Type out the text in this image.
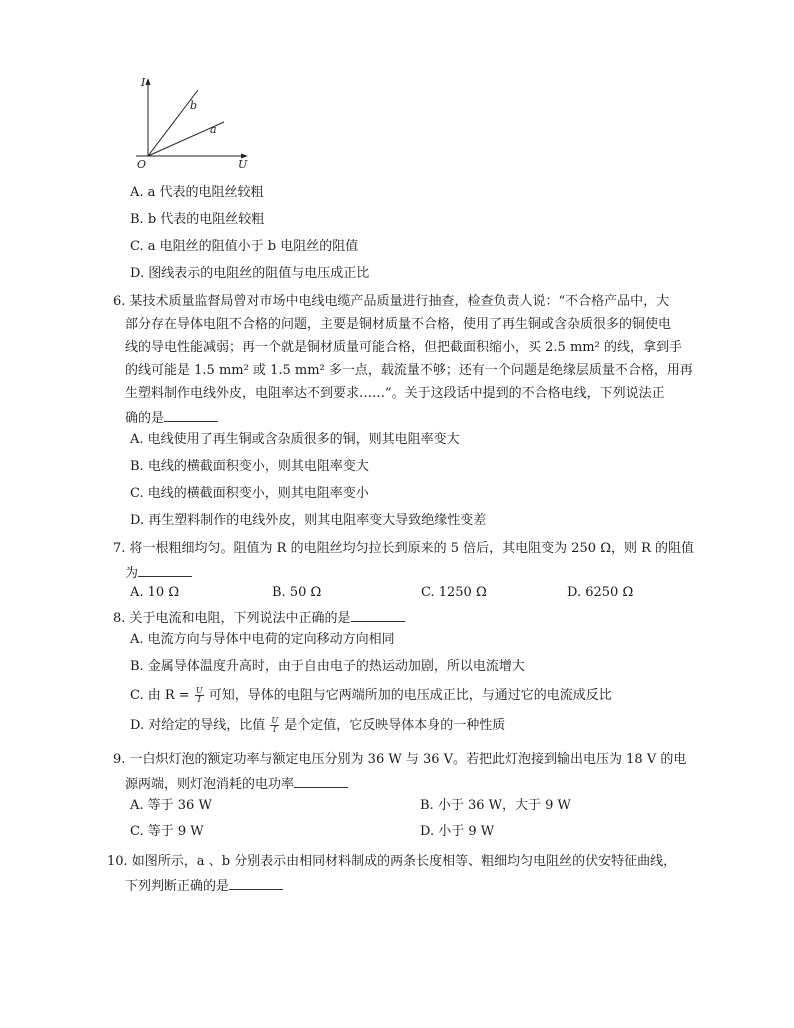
I
U
O
b
a
A. a 代表的电阻丝较粗
B. b 代表的电阻丝较粗
C. a 电阻丝的阻值小于 b 电阻丝的阻值
D. 图线表示的电阻丝的阻值与电压成正比
6. 某技术质量监督局曾对市场中电线电缆产品质量进行抽查，检查负责人说：“不合格产品中，大
部分存在导体电阻不合格的问题，主要是铜材质量不合格，使用了再生铜或含杂质很多的铜使电
线的导电性能减弱；再一个就是铜材质量可能合格，但把截面积缩小，买 2.5 mm² 的线，拿到手
的线可能是 1.5 mm² 或 1.5 mm² 多一点，载流量不够；还有一个问题是绝缘层质量不合格，用再
生塑料制作电线外皮，电阻率达不到要求……”。关于这段话中提到的不合格电线，下列说法正
确的是
A. 电线使用了再生铜或含杂质很多的铜，则其电阻率变大
B. 电线的横截面积变小，则其电阻率变大
C. 电线的横截面积变小，则其电阻率变小
D. 再生塑料制作的电线外皮，则其电阻率变大导致绝缘性变差
7. 将一根粗细均匀。阻值为 R 的电阻丝均匀拉长到原来的 5 倍后，其电阻变为 250 Ω，则 R 的阻值
为
A. 10 Ω	B. 50 Ω	C. 1250 Ω	D. 6250 Ω
8. 关于电流和电阻，下列说法中正确的是
A. 电流方向与导体中电荷的定向移动方向相同
B. 金属导体温度升高时，由于自由电子的热运动加剧，所以电流增大
C. 由 $R = \frac{U}{I}$ 可知，导体的电阻与它两端所加的电压成正比，与通过它的电流成反比
D. 对给定的导线，比值 $\frac{U}{I}$ 是个定值，它反映导体本身的一种性质
9. 一白炽灯泡的额定功率与额定电压分别为 36 W 与 36 V。若把此灯泡接到输出电压为 18 V 的电
源两端，则灯泡消耗的电功率
A. 等于 36 W	B. 小于 36 W，大于 9 W
C. 等于 9 W	D. 小于 9 W
10. 如图所示，a 、b 分别表示由相同材料制成的两条长度相等、粗细均匀电阻丝的伏安特征曲线，
下列判断正确的是
